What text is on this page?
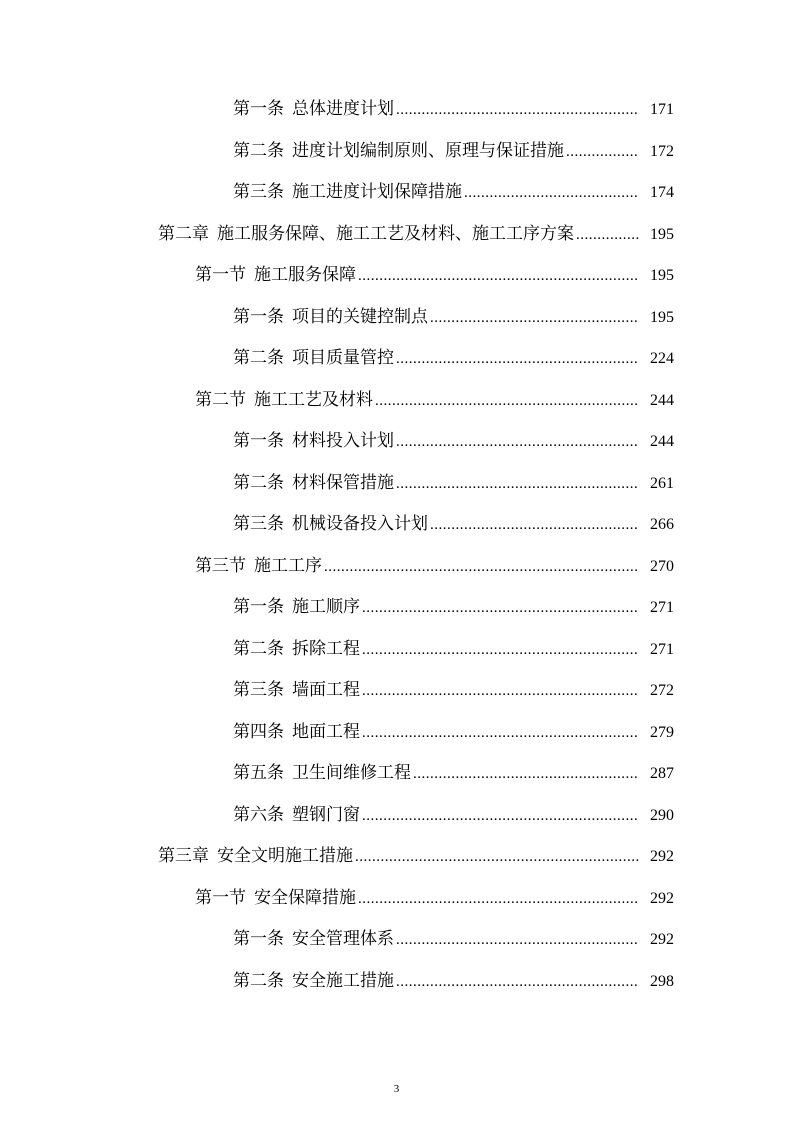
第一条 总体进度计划 .....	171
第二条 进度计划编制原则、原理与保证措施 .....	172
第三条 施工进度计划保障措施 .....	174
第二章 施工服务保障、施工工艺及材料、施工工序方案 .....	195
第一节 施工服务保障 .....	195
第一条 项目的关键控制点 .....	195
第二条 项目质量管控 .....	224
第二节 施工工艺及材料 .....	244
第一条 材料投入计划 .....	244
第二条 材料保管措施 .....	261
第三条 机械设备投入计划 .....	266
第三节 施工工序 .....	270
第一条 施工顺序 .....	271
第二条 拆除工程 .....	271
第三条 墙面工程 .....	272
第四条 地面工程 .....	279
第五条 卫生间维修工程 .....	287
第六条 塑钢门窗 .....	290
第三章 安全文明施工措施 .....	292
第一节 安全保障措施 .....	292
第一条 安全管理体系 .....	292
第二条 安全施工措施 .....	298
3
